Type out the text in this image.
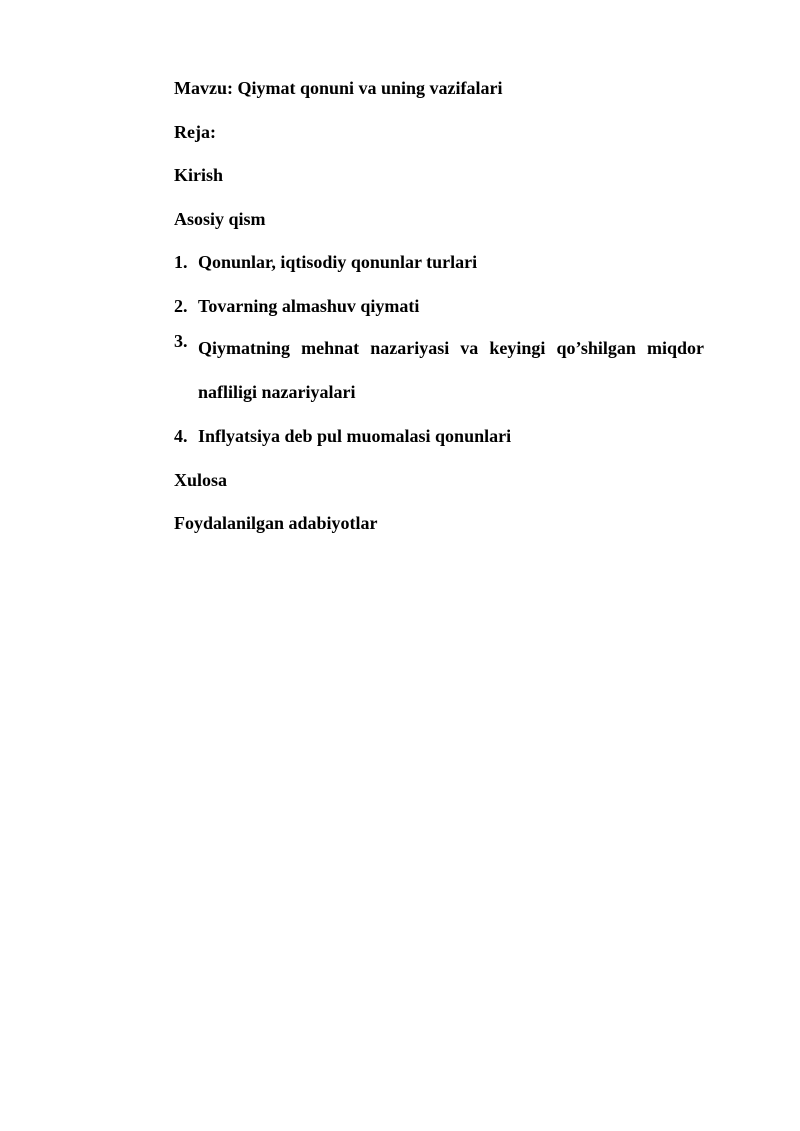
Mavzu: Qiymat qonuni va uning vazifalari
Reja:
Kirish
Asosiy qism
1. Qonunlar, iqtisodiy qonunlar turlari
2. Tovarning almashuv qiymati
3. Qiymatning mehnat nazariyasi va keyingi qo’shilgan miqdor nafliligi nazariyalari
4. Inflyatsiya deb pul muomalasi qonunlari
Xulosa
Foydalanilgan adabiyotlar
